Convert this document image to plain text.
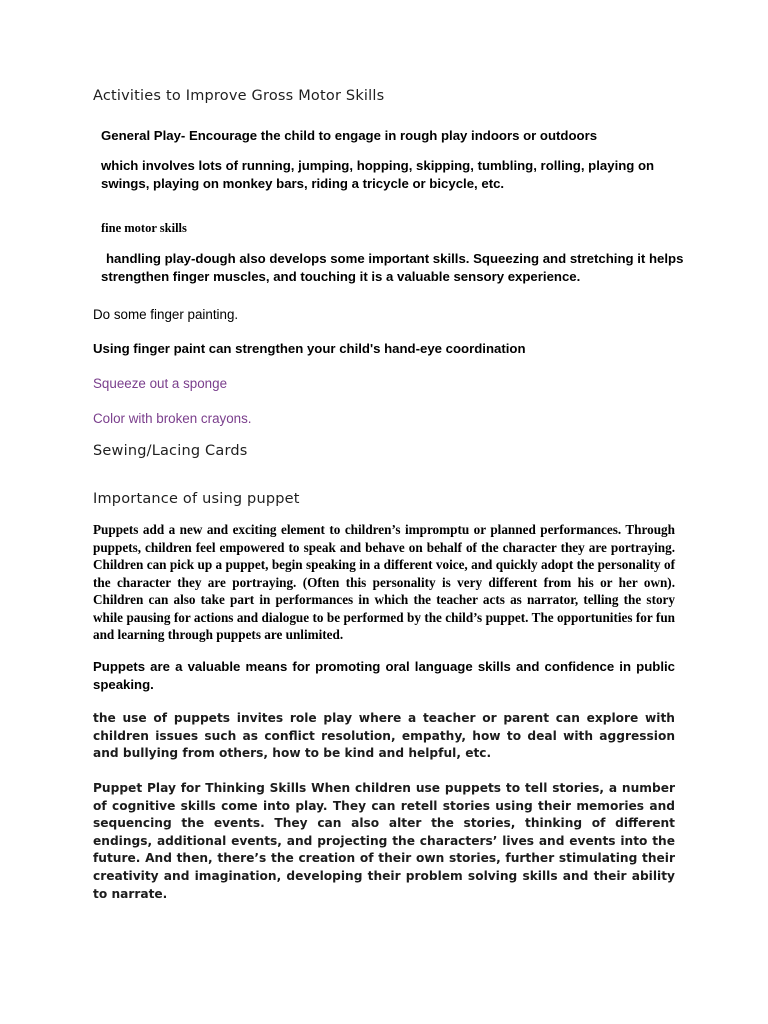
Activities to Improve Gross Motor Skills

General Play- Encourage the child to engage in rough play indoors or outdoors

which involves lots of running, jumping, hopping, skipping, tumbling, rolling, playing on swings, playing on monkey bars, riding a tricycle or bicycle, etc.

fine motor skills

handling play-dough also develops some important skills. Squeezing and stretching it helps strengthen finger muscles, and touching it is a valuable sensory experience.

Do some finger painting.

Using finger paint can strengthen your child's hand-eye coordination

Squeeze out a sponge

Color with broken crayons.

Sewing/Lacing Cards
Importance of using puppet

Puppets add a new and exciting element to children’s impromptu or planned performances. Through puppets, children feel empowered to speak and behave on behalf of the character they are portraying. Children can pick up a puppet, begin speaking in a different voice, and quickly adopt the personality of the character they are portraying. (Often this personality is very different from his or her own). Children can also take part in performances in which the teacher acts as narrator, telling the story while pausing for actions and dialogue to be performed by the child’s puppet. The opportunities for fun and learning through puppets are unlimited.

Puppets are a valuable means for promoting oral language skills and confidence in public speaking.

the use of puppets invites role play where a teacher or parent can explore with children issues such as conflict resolution, empathy, how to deal with aggression and bullying from others, how to be kind and helpful, etc.

Puppet Play for Thinking Skills When children use puppets to tell stories, a number of cognitive skills come into play. They can retell stories using their memories and sequencing the events. They can also alter the stories, thinking of different endings, additional events, and projecting the characters’ lives and events into the future. And then, there’s the creation of their own stories, further stimulating their creativity and imagination, developing their problem solving skills and their ability to narrate.
